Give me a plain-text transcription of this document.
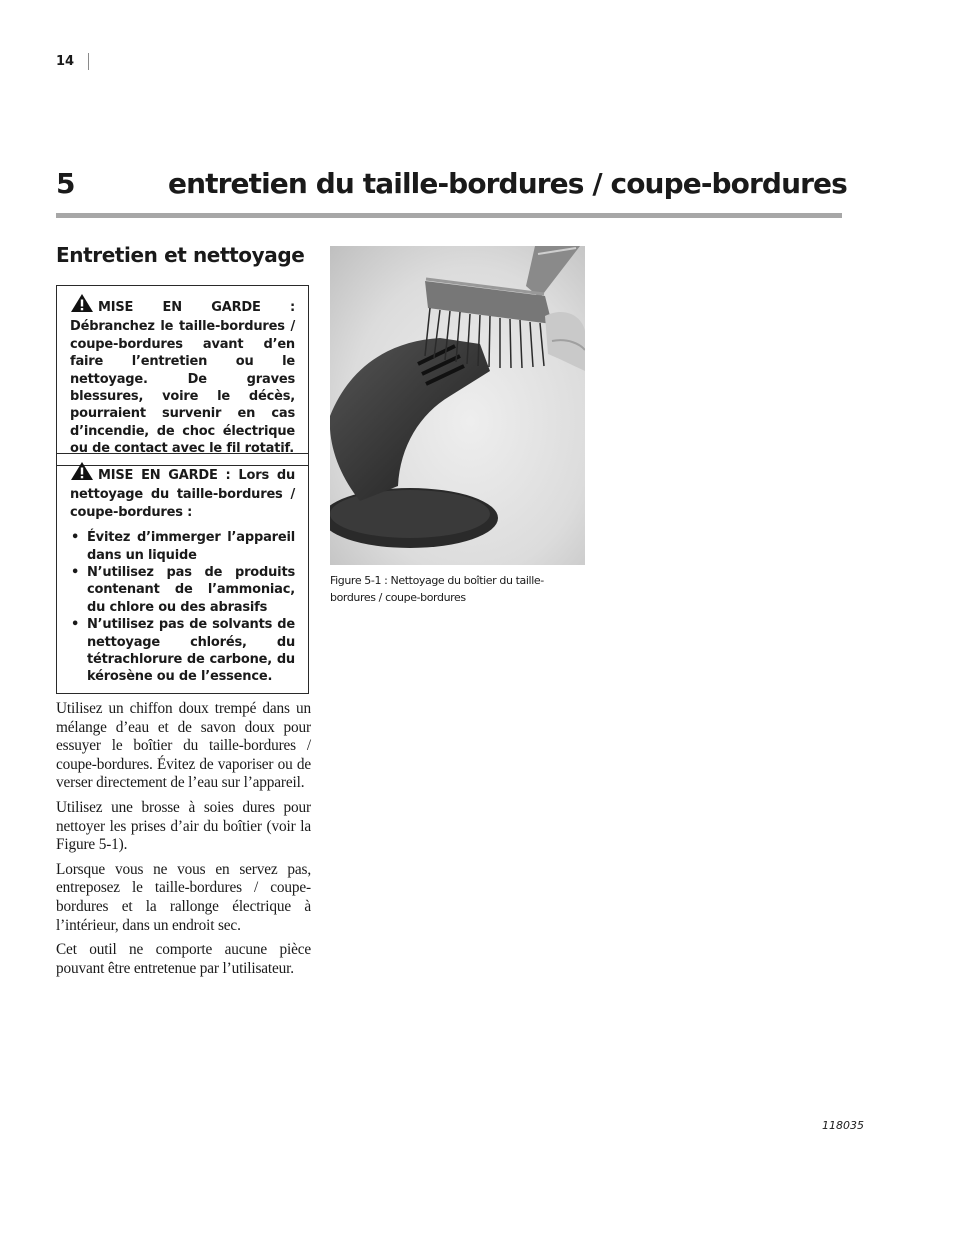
14
5	entretien du taille-bordures / coupe-bordures
Entretien et nettoyage
MISE EN GARDE : Débranchez le taille-bordures / coupe-bordures avant d’en faire l’entretien ou le nettoyage. De graves blessures, voire le décès, pourraient survenir en cas d’incendie, de choc électrique ou de contact avec le fil rotatif.
MISE EN GARDE : Lors du nettoyage du taille-bordures / coupe-bordures :
• Évitez d’immerger l’appareil dans un liquide
• N’utilisez pas de produits contenant de l’ammoniac, du chlore ou des abrasifs
• N’utilisez pas de solvants de nettoyage chlorés, du tétrachlorure de carbone, du kérosène ou de l’essence.

Utilisez un chiffon doux trempé dans un mélange d’eau et de savon doux pour essuyer le boîtier du taille-bordures / coupe-bordures. Évitez de vaporiser ou de verser directement de l’eau sur l’appareil.

Utilisez une brosse à soies dures pour nettoyer les prises d’air du boîtier (voir la Figure 5-1).

Lorsque vous ne vous en servez pas, entreposez le taille-bordures / coupe-bordures et la rallonge électrique à l’intérieur, dans un endroit sec.

Cet outil ne comporte aucune pièce pouvant être entretenue par l’utilisateur.

Figure 5-1 : Nettoyage du boîtier du taille-bordures / coupe-bordures
118035
